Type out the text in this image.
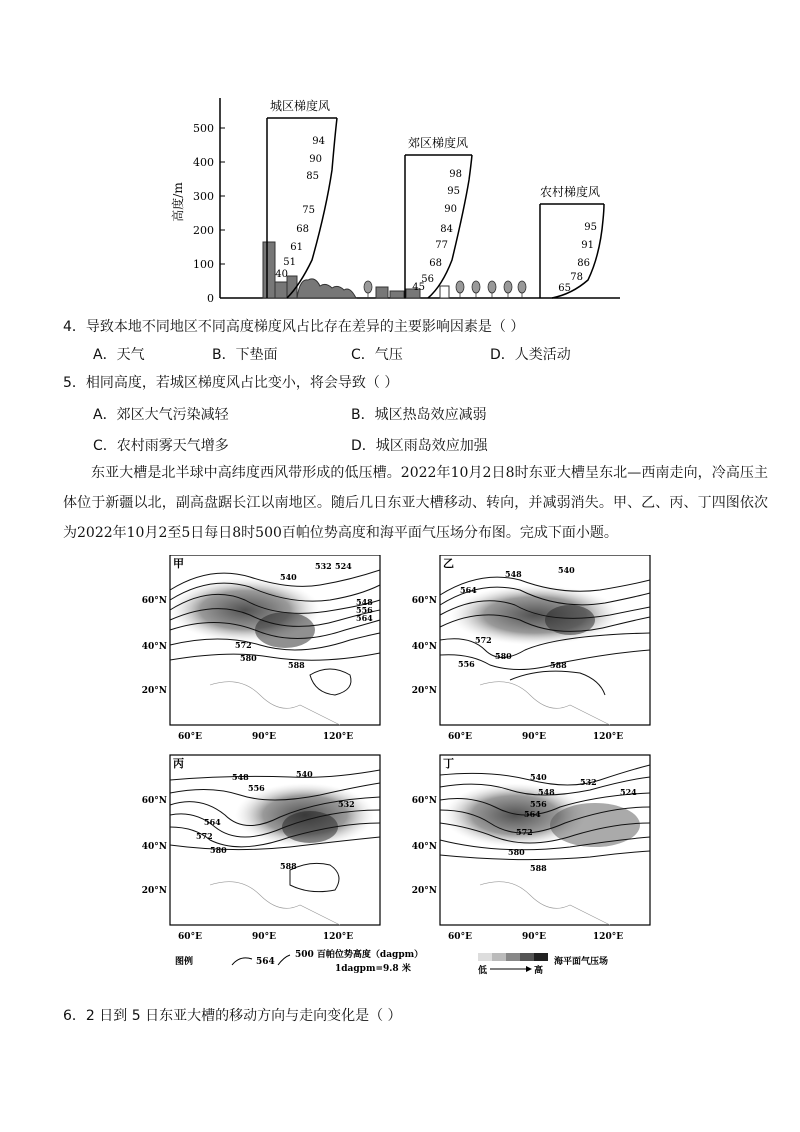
0
100
200
300
400
500
高度/m
城区梯度风
40
51
61
68
75
85
90
94	郊区梯度风
45
56
68
77
84
90
95
98
农村梯度风
65
78
86
91
95
4．导致本地不同地区不同高度梯度风占比存在差异的主要影响因素是（ ）
A．天气	B．下垫面	C．气压	D．人类活动
5．相同高度，若城区梯度风占比变小，将会导致（ ）
A．郊区大气污染减轻	B．城区热岛效应减弱
C．农村雨雾天气增多	D．城区雨岛效应加强
东亚大槽是北半球中高纬度西风带形成的低压槽。2022年10月2日8时东亚大槽呈东北—西南走向，冷高压主体位于新疆以北，副高盘踞长江以南地区。随后几日东亚大槽移动、转向，并减弱消失。甲、乙、丙、丁四图依次为2022年10月2至5日每日8时500百帕位势高度和海平面气压场分布图。完成下面小题。
甲
540
532 524
548
556
564
572
580
588
乙
548	540
564
556
572
580
588
丙
548	540
556
532
564
572
580
588
丁
540	532
524
548
556
564
572
580
588
60°N
40°N
20°N
60°N
40°N
20°N
60°N
40°N
20°N
60°N
40°N
20°N
60°E	90°E	120°E	60°E	90°E	120°E
60°E	90°E	120°E	60°E	90°E	120°E
图例	564
500 百帕位势高度（dagpm）
1dagpm=9.8 米	低	高
海平面气压场
6．2 日到 5 日东亚大槽的移动方向与走向变化是（ ）
